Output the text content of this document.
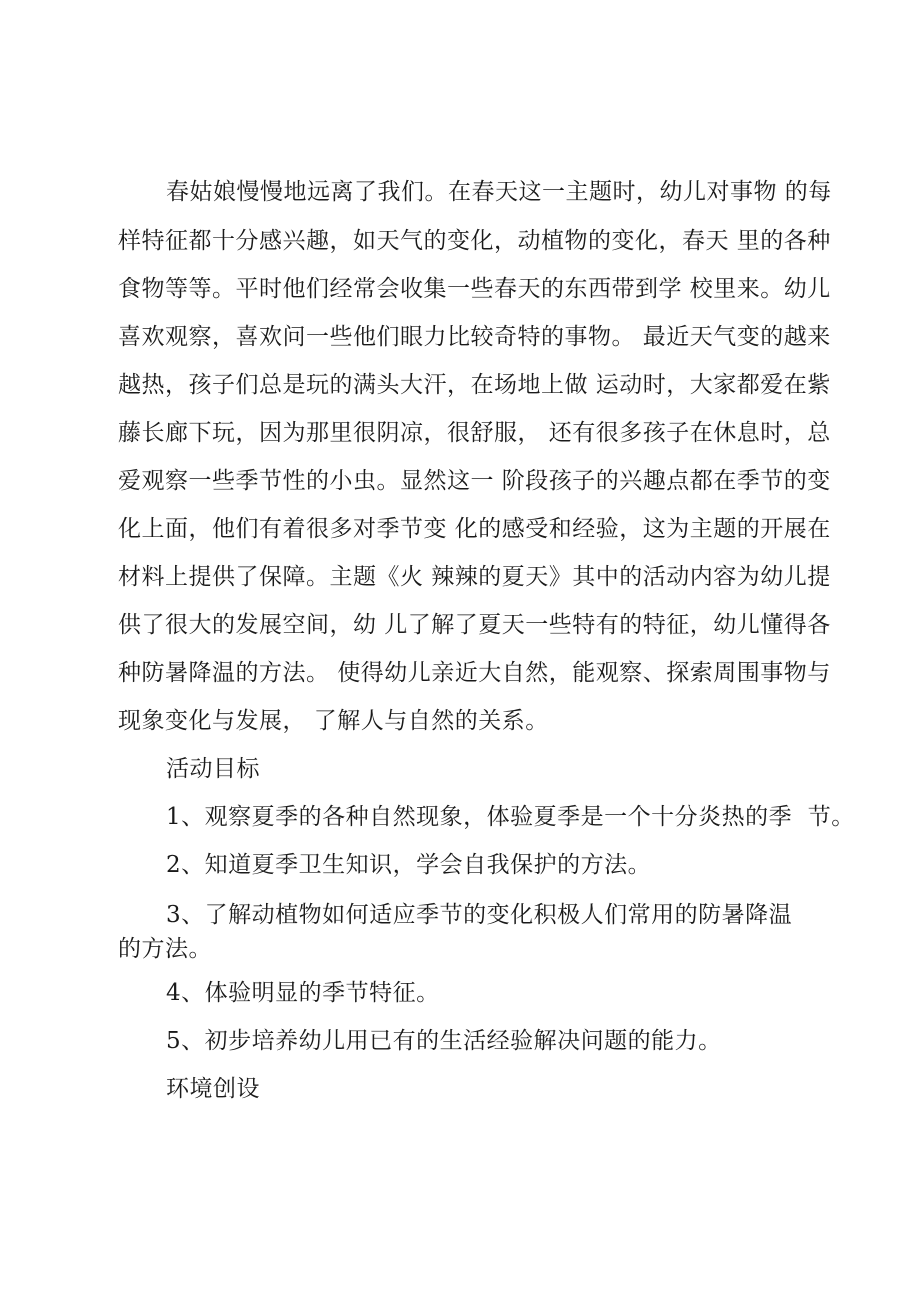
春姑娘慢慢地远离了我们。在春天这一主题时，幼儿对事物 的每
样特征都十分感兴趣，如天气的变化，动植物的变化，春天 里的各种
食物等等。平时他们经常会收集一些春天的东西带到学 校里来。幼儿
喜欢观察，喜欢问一些他们眼力比较奇特的事物。 最近天气变的越来
越热，孩子们总是玩的满头大汗，在场地上做 运动时，大家都爱在紫
藤长廊下玩，因为那里很阴凉，很舒服， 还有很多孩子在休息时，总
爱观察一些季节性的小虫。显然这一 阶段孩子的兴趣点都在季节的变
化上面，他们有着很多对季节变 化的感受和经验，这为主题的开展在
材料上提供了保障。主题《火 辣辣的夏天》其中的活动内容为幼儿提
供了很大的发展空间，幼 儿了解了夏天一些特有的特征，幼儿懂得各
种防暑降温的方法。 使得幼儿亲近大自然，能观察、探索周围事物与
现象变化与发展， 了解人与自然的关系。
活动目标
1、观察夏季的各种自然现象，体验夏季是一个十分炎热的季  节。
2、知道夏季卫生知识，学会自我保护的方法。
3、了解动植物如何适应季节的变化积极人们常用的防暑降温
的方法。
4、体验明显的季节特征。
5、初步培养幼儿用已有的生活经验解决问题的能力。
环境创设
